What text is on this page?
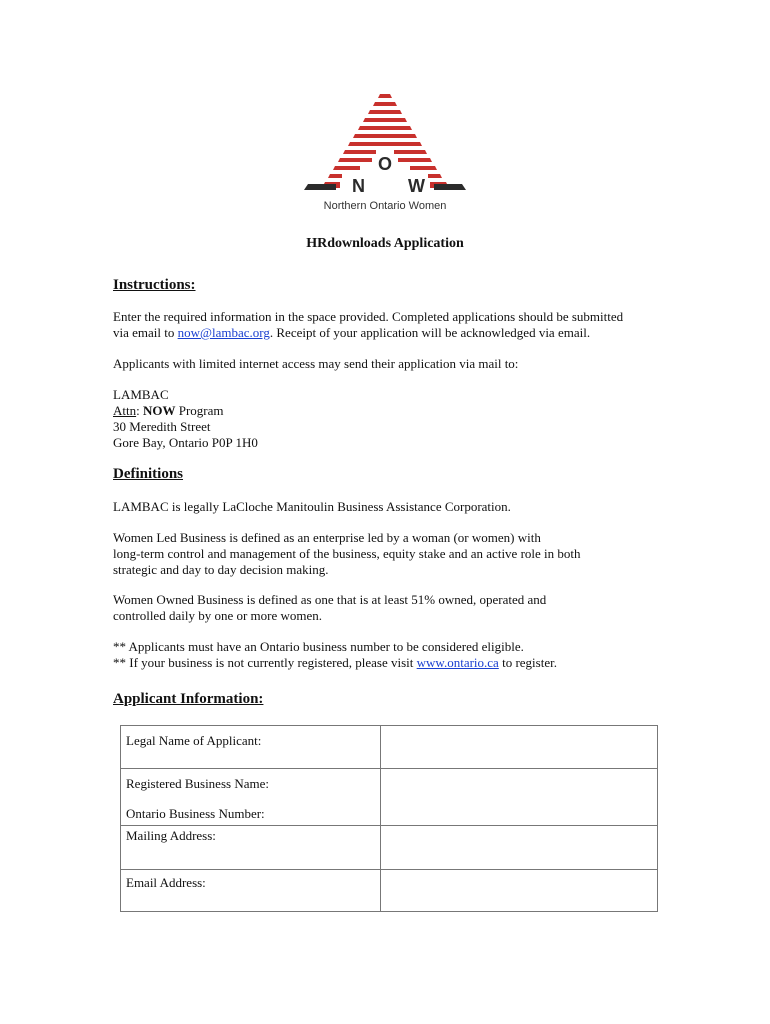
N
O
W
Northern Ontario Women
HRdownloads Application
Instructions:

Enter the required information in the space provided. Completed applications should be submitted

via email to now@lambac.org. Receipt of your application will be acknowledged via email.

Applicants with limited internet access may send their application via mail to:
LAMBAC
Attn: NOW Program
30 Meredith Street
Gore Bay, Ontario P0P 1H0
Definitions
LAMBAC is legally LaCloche Manitoulin Business Assistance Corporation.

Women Led Business is defined as an enterprise led by a woman (or women) with

long-term control and management of the business, equity stake and an active role in both

strategic and day to day decision making.

Women Owned Business is defined as one that is at least 51% owned, operated and

controlled daily by one or more women.

** Applicants must have an Ontario business number to be considered eligible.

** If your business is not currently registered, please visit www.ontario.ca to register.

Applicant Information:
Legal Name of Applicant:	

Registered Business Name:
Ontario Business Number:	

Mailing Address:	

Email Address:	
